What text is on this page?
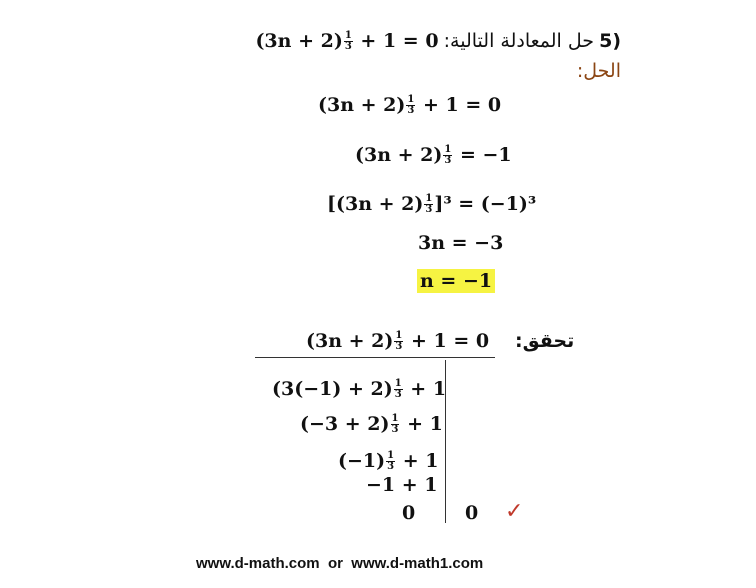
$(3n + 2) \frac{1}{3} + 1 = 0$ حل المعادلة التالية: 5)
الحل:
$(3n + 2) \frac{1}{3} + 1 = 0$
$(3n + 2) \frac{1}{3} = -1$
$[(3n + 2) \frac{1}{3} ]^3 = (-1)^3$
3n = −3
n = −1
تحقق:
$(3n + 2) \frac{1}{3} + 1 = 0$
$(3(-1) + 2) \frac{1}{3} + 1$
$(-3 + 2) \frac{1}{3} + 1$
$(-1) \frac{1}{3} + 1$
−1 + 1
0	0 ✓
www.d-math.com  or  www.d-math1.com
